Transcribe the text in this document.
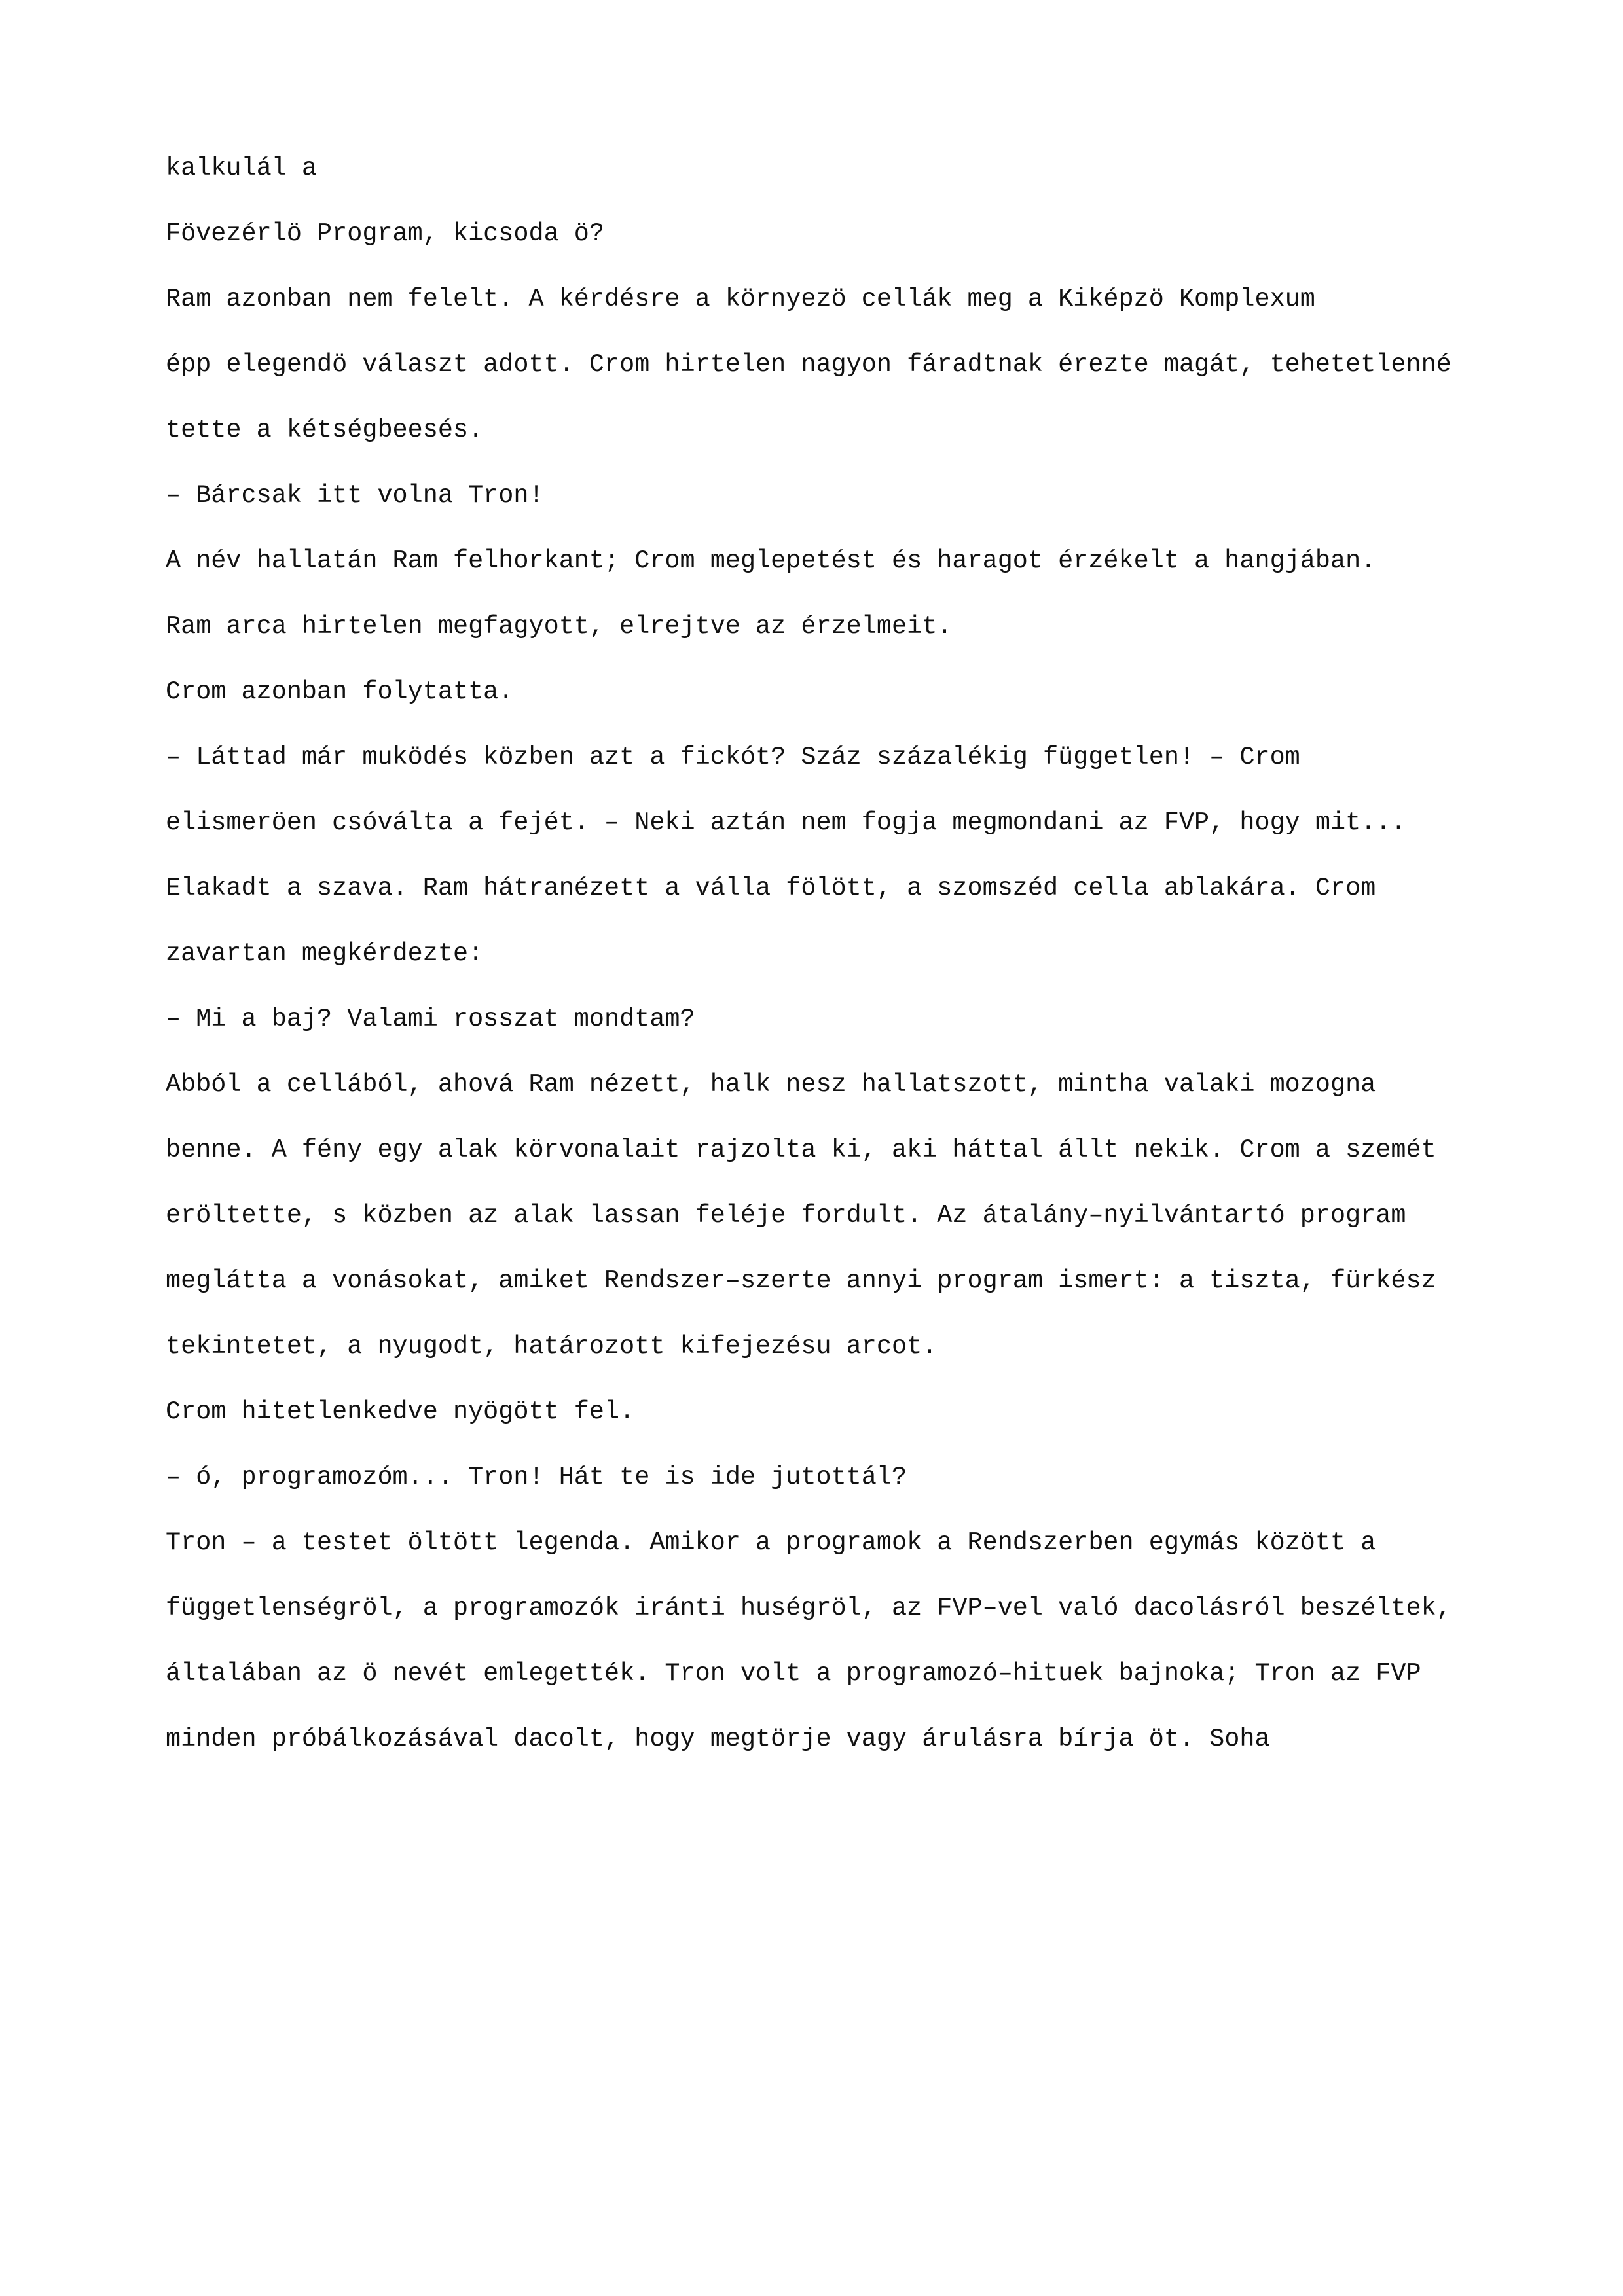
kalkulál a

Fövezérlö Program, kicsoda ö?

Ram azonban nem felelt. A kérdésre a környezö cellák meg a Kiképzö Komplexum

épp elegendö választ adott. Crom hirtelen nagyon fáradtnak érezte magát, tehetetlenné

tette a kétségbeesés.

– Bárcsak itt volna Tron!

A név hallatán Ram felhorkant; Crom meglepetést és haragot érzékelt a hangjában.

Ram arca hirtelen megfagyott, elrejtve az érzelmeit.

Crom azonban folytatta.

– Láttad már muködés közben azt a fickót? Száz százalékig független! – Crom

elismeröen csóválta a fejét. – Neki aztán nem fogja megmondani az FVP, hogy mit...

Elakadt a szava. Ram hátranézett a válla fölött, a szomszéd cella ablakára. Crom

zavartan megkérdezte:

– Mi a baj? Valami rosszat mondtam?

Abból a cellából, ahová Ram nézett, halk nesz hallatszott, mintha valaki mozogna

benne. A fény egy alak körvonalait rajzolta ki, aki háttal állt nekik. Crom a szemét

eröltette, s közben az alak lassan feléje fordult. Az átalány–nyilvántartó program

meglátta a vonásokat, amiket Rendszer–szerte annyi program ismert: a tiszta, fürkész

tekintetet, a nyugodt, határozott kifejezésu arcot.

Crom hitetlenkedve nyögött fel.

– ó, programozóm... Tron! Hát te is ide jutottál?

Tron – a testet öltött legenda. Amikor a programok a Rendszerben egymás között a

függetlenségröl, a programozók iránti huségröl, az FVP–vel való dacolásról beszéltek,

általában az ö nevét emlegették. Tron volt a programozó–hituek bajnoka; Tron az FVP

minden próbálkozásával dacolt, hogy megtörje vagy árulásra bírja öt. Soha
